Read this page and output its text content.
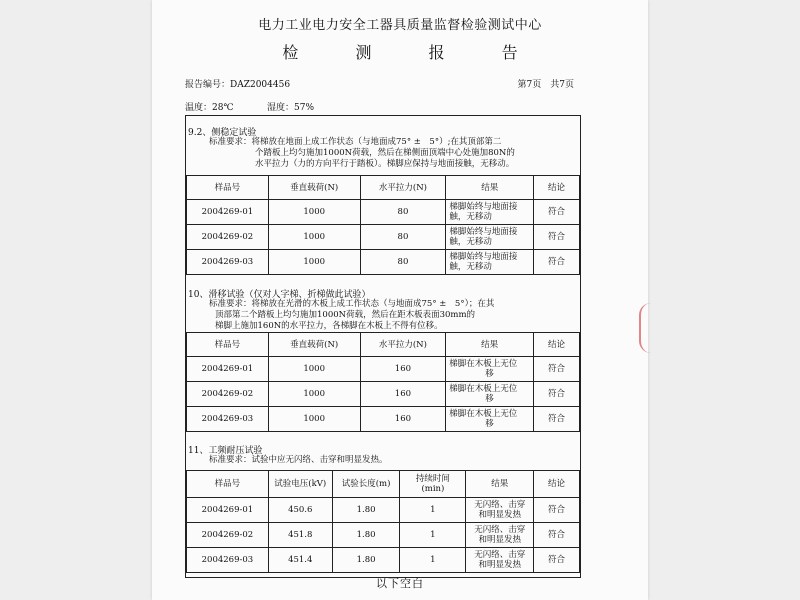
电力工业电力安全工器具质量监督检验测试中心
检 测 报 告
报告编号：DAZ2004456	第7页　共7页
温度：28℃	湿度：57%
9.2、侧稳定试验
标准要求：将梯放在地面上成工作状态（与地面成75° ±　5°）;在其顶部第二
个踏板上均匀施加1000N荷载，然后在梯侧面顶端中心处施加80N的
水平拉力（力的方向平行于踏板）。梯脚应保持与地面接触，无移动。
样品号	垂直载荷(N)	水平拉力(N)	结果	结论
2004269-01	1000	80	梯脚始终与地面接
触，无移动	符合
2004269-02	1000	80	梯脚始终与地面接
触，无移动	符合
2004269-03	1000	80	梯脚始终与地面接
触，无移动	符合
10、滑移试验（仅对人字梯、折梯做此试验）
标准要求：将梯放在光滑的木板上成工作状态（与地面成75° ±　5°）；在其
顶部第二个踏板上均匀施加1000N荷载，然后在距木板表面30mm的
梯脚上施加160N的水平拉力，各梯脚在木板上不得有位移。
样品号	垂直载荷(N)	水平拉力(N)	结果	结论
2004269-01	1000	160	梯脚在木板上无位
移	符合
2004269-02	1000	160	梯脚在木板上无位
移	符合
2004269-03	1000	160	梯脚在木板上无位
移	符合
11、工频耐压试验
标准要求：试验中应无闪络、击穿和明显发热。
样品号	试验电压(kV)	试验长度(m)	持续时间
(min)	结果	结论
2004269-01	450.6	1.80	1	无闪络、击穿
和明显发热	符合
2004269-02	451.8	1.80	1	无闪络、击穿
和明显发热	符合
2004269-03	451.4	1.80	1	无闪络、击穿
和明显发热	符合
以下空白
